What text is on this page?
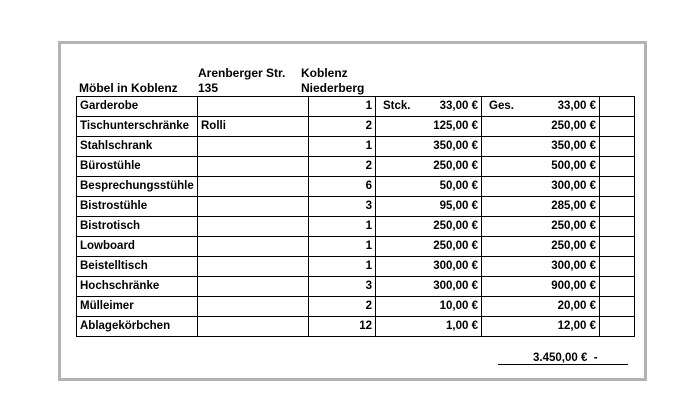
Möbel in Koblenz
Arenberger Str.
135
Koblenz
Niederberg
Garderobe		1	Stck. 33,00 €	Ges. 33,00 €	
Tischunterschränke	Rolli	2	125,00 €	250,00 €	
Stahlschrank		1	350,00 €	350,00 €	
Bürostühle		2	250,00 €	500,00 €	
Besprechungsstühle		6	50,00 €	300,00 €	
Bistrostühle		3	95,00 €	285,00 €	
Bistrotisch		1	250,00 €	250,00 €	
Lowboard		1	250,00 €	250,00 €	
Beistelltisch		1	300,00 €	300,00 €	
Hochschränke		3	300,00 €	900,00 €	
Mülleimer		2	10,00 €	20,00 €	
Ablagekörbchen		12	1,00 €	12,00 €	
3.450,00 € -
